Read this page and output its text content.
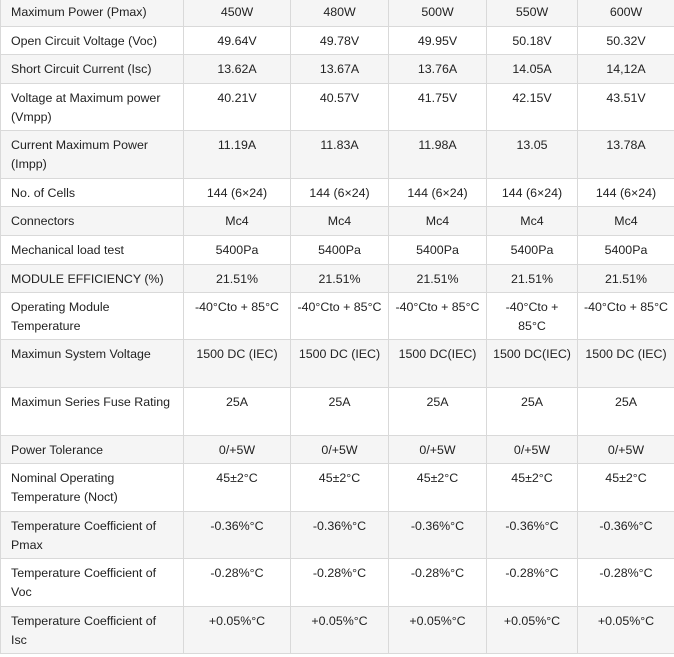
Maximum Power (Pmax)	450W	480W	500W	550W	600W
Open Circuit Voltage (Voc)	49.64V	49.78V	49.95V	50.18V	50.32V
Short Circuit Current (Isc)	13.62A	13.67A	13.76A	14.05A	14,12A
Voltage at Maximum power (Vmpp)	40.21V	40.57V	41.75V	42.15V	43.51V
Current Maximum Power (Impp)	11.19A	11.83A	11.98A	13.05	13.78A
No. of Cells	144 (6×24)	144 (6×24)	144 (6×24)	144 (6×24)	144 (6×24)
Connectors	Mc4	Mc4	Mc4	Mc4	Mc4
Mechanical load test	5400Pa	5400Pa	5400Pa	5400Pa	5400Pa
MODULE EFFICIENCY (%)	21.51%	21.51%	21.51%	21.51%	21.51%
Operating Module Temperature	-40°Cto + 85°C	-40°Cto + 85°C	-40°Cto + 85°C	-40°Cto + 85°C	-40°Cto + 85°C
Maximun System Voltage	1500 DC (IEC)	1500 DC (IEC)	1500 DC(IEC)	1500 DC(IEC)	1500 DC (IEC)
Maximun Series Fuse Rating	25A	25A	25A	25A	25A
Power Tolerance	0/+5W	0/+5W	0/+5W	0/+5W	0/+5W
Nominal Operating Temperature (Noct)	45±2°C	45±2°C	45±2°C	45±2°C	45±2°C
Temperature Coefficient of Pmax	-0.36%°C	-0.36%°C	-0.36%°C	-0.36%°C	-0.36%°C
Temperature Coefficient of Voc	-0.28%°C	-0.28%°C	-0.28%°C	-0.28%°C	-0.28%°C
Temperature Coefficient of Isc	+0.05%°C	+0.05%°C	+0.05%°C	+0.05%°C	+0.05%°C
